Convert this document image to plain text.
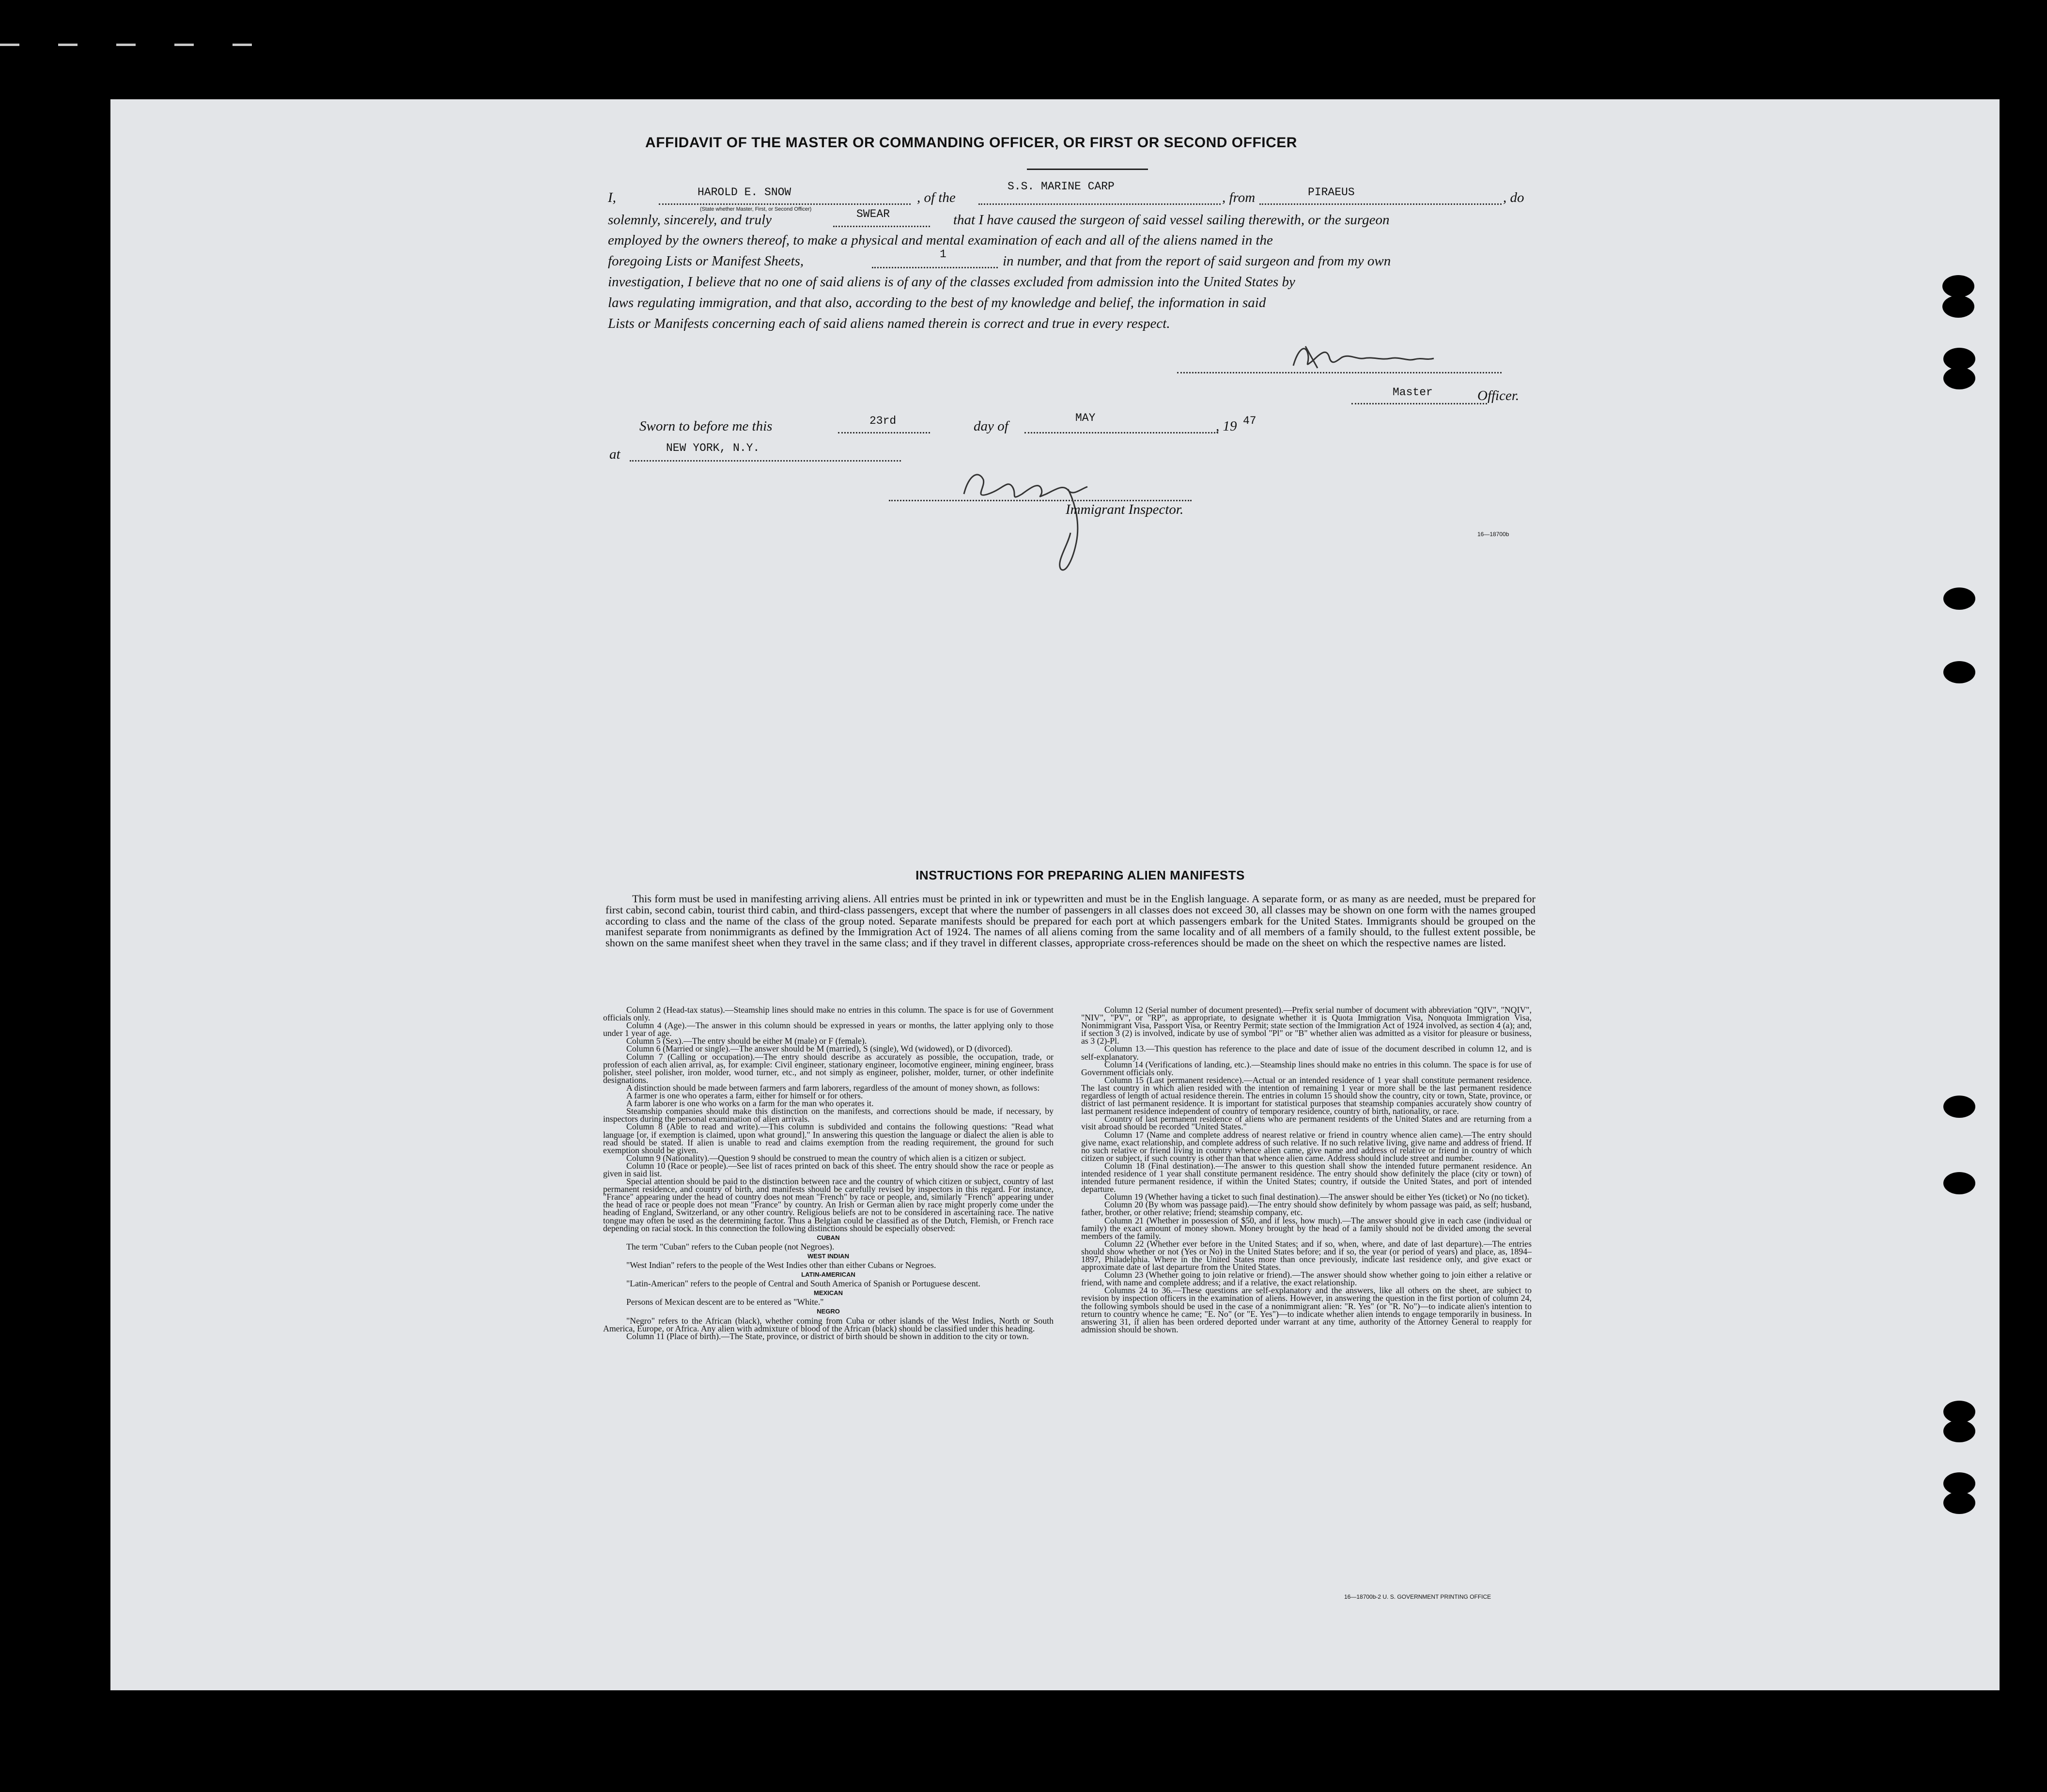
AFFIDAVIT OF THE MASTER OR COMMANDING OFFICER, OR FIRST OR SECOND OFFICER
I,	HAROLD E. SNOW	, of the
S.S. MARINE CARP
, from	PIRAEUS	, do
(State whether Master, First, or Second Officer)
solemnly, sincerely, and truly	SWEAR	that I have caused the surgeon of said vessel sailing therewith, or the surgeon
employed by the owners thereof, to make a physical and mental examination of each and all of the aliens named in the
foregoing Lists or Manifest Sheets,	1	in number, and that from the report of said surgeon and from my own
investigation, I believe that no one of said aliens is of any of the classes excluded from admission into the United States by
laws regulating immigration, and that also, according to the best of my knowledge and belief, the information in said
Lists or Manifests concerning each of said aliens named therein is correct and true in every respect.
Master	Officer.
Sworn to before me this	23rd	day of
MAY
, 19 47
at	NEW YORK, N.Y.
Immigrant Inspector.
16—18700b
INSTRUCTIONS FOR PREPARING ALIEN MANIFESTS
This form must be used in manifesting arriving aliens. All entries must be printed in ink or typewritten and must be in the English language. A separate form, or as many as are needed, must be prepared for first cabin, second cabin, tourist third cabin, and third-class passengers, except that where the number of passengers in all classes does not exceed 30, all classes may be shown on one form with the names grouped according to class and the name of the class of the group noted. Separate manifests should be prepared for each port at which passengers embark for the United States. Immigrants should be grouped on the manifest separate from nonimmigrants as defined by the Immigration Act of 1924. The names of all aliens coming from the same locality and of all members of a family should, to the fullest extent possible, be shown on the same manifest sheet when they travel in the same class; and if they travel in different classes, appropriate cross-references should be made on the sheet on which the respective names are listed.

Column 2 (Head-tax status).—Steamship lines should make no entries in this column. The space is for use of Government officials only.

Column 4 (Age).—The answer in this column should be expressed in years or months, the latter applying only to those under 1 year of age.

Column 5 (Sex).—The entry should be either M (male) or F (female).

Column 6 (Married or single).—The answer should be M (married), S (single), Wd (widowed), or D (divorced).

Column 7 (Calling or occupation).—The entry should describe as accurately as possible, the occupation, trade, or profession of each alien arrival, as, for example: Civil engineer, stationary engineer, locomotive engineer, mining engineer, brass polisher, steel polisher, iron molder, wood turner, etc., and not simply as engineer, polisher, molder, turner, or other indefinite designations.

A distinction should be made between farmers and farm laborers, regardless of the amount of money shown, as follows:

A farmer is one who operates a farm, either for himself or for others.

A farm laborer is one who works on a farm for the man who operates it.

Steamship companies should make this distinction on the manifests, and corrections should be made, if necessary, by inspectors during the personal examination of alien arrivals.

Column 8 (Able to read and write).—This column is subdivided and contains the following questions: "Read what language [or, if exemption is claimed, upon what ground]." In answering this question the language or dialect the alien is able to read should be stated. If alien is unable to read and claims exemption from the reading requirement, the ground for such exemption should be given.

Column 9 (Nationality).—Question 9 should be construed to mean the country of which alien is a citizen or subject.

Column 10 (Race or people).—See list of races printed on back of this sheet. The entry should show the race or people as given in said list.

Special attention should be paid to the distinction between race and the country of which citizen or subject, country of last permanent residence, and country of birth, and manifests should be carefully revised by inspectors in this regard. For instance, "France" appearing under the head of country does not mean "French" by race or people, and, similarly "French" appearing under the head of race or people does not mean "France" by country. An Irish or German alien by race might properly come under the heading of England, Switzerland, or any other country. Religious beliefs are not to be considered in ascertaining race. The native tongue may often be used as the determining factor. Thus a Belgian could be classified as of the Dutch, Flemish, or French race depending on racial stock. In this connection the following distinctions should be especially observed:

CUBAN

The term "Cuban" refers to the Cuban people (not Negroes).

WEST INDIAN

"West Indian" refers to the people of the West Indies other than either Cubans or Negroes.

LATIN-AMERICAN

"Latin-American" refers to the people of Central and South America of Spanish or Portuguese descent.

MEXICAN

Persons of Mexican descent are to be entered as "White."

NEGRO

"Negro" refers to the African (black), whether coming from Cuba or other islands of the West Indies, North or South America, Europe, or Africa. Any alien with admixture of blood of the African (black) should be classified under this heading.

Column 11 (Place of birth).—The State, province, or district of birth should be shown in addition to the city or town.

Column 12 (Serial number of document presented).—Prefix serial number of document with abbreviation "QIV", "NQIV", "NIV", "PV", or "RP", as appropriate, to designate whether it is Quota Immigration Visa, Nonquota Immigration Visa, Nonimmigrant Visa, Passport Visa, or Reentry Permit; state section of the Immigration Act of 1924 involved, as section 4 (a); and, if section 3 (2) is involved, indicate by use of symbol "Pl" or "B" whether alien was admitted as a visitor for pleasure or business, as 3 (2)-Pl.

Column 13.—This question has reference to the place and date of issue of the document described in column 12, and is self-explanatory.

Column 14 (Verifications of landing, etc.).—Steamship lines should make no entries in this column. The space is for use of Government officials only.

Column 15 (Last permanent residence).—Actual or an intended residence of 1 year shall constitute permanent residence. The last country in which alien resided with the intention of remaining 1 year or more shall be the last permanent residence regardless of length of actual residence therein. The entries in column 15 should show the country, city or town, State, province, or district of last permanent residence. It is important for statistical purposes that steamship companies accurately show country of last permanent residence independent of country of temporary residence, country of birth, nationality, or race.

Country of last permanent residence of aliens who are permanent residents of the United States and are returning from a visit abroad should be recorded "United States."

Column 17 (Name and complete address of nearest relative or friend in country whence alien came).—The entry should give name, exact relationship, and complete address of such relative. If no such relative living, give name and address of friend. If no such relative or friend living in country whence alien came, give name and address of relative or friend in country of which citizen or subject, if such country is other than that whence alien came. Address should include street and number.

Column 18 (Final destination).—The answer to this question shall show the intended future permanent residence. An intended residence of 1 year shall constitute permanent residence. The entry should show definitely the place (city or town) of intended future permanent residence, if within the United States; country, if outside the United States, and port of intended departure.

Column 19 (Whether having a ticket to such final destination).—The answer should be either Yes (ticket) or No (no ticket).

Column 20 (By whom was passage paid).—The entry should show definitely by whom passage was paid, as self; husband, father, brother, or other relative; friend; steamship company, etc.

Column 21 (Whether in possession of $50, and if less, how much).—The answer should give in each case (individual or family) the exact amount of money shown. Money brought by the head of a family should not be divided among the several members of the family.

Column 22 (Whether ever before in the United States; and if so, when, where, and date of last departure).—The entries should show whether or not (Yes or No) in the United States before; and if so, the year (or period of years) and place, as, 1894–1897, Philadelphia. Where in the United States more than once previously, indicate last residence only, and give exact or approximate date of last departure from the United States.

Column 23 (Whether going to join relative or friend).—The answer should show whether going to join either a relative or friend, with name and complete address; and if a relative, the exact relationship.

Columns 24 to 36.—These questions are self-explanatory and the answers, like all others on the sheet, are subject to revision by inspection officers in the examination of aliens. However, in answering the question in the first portion of column 24, the following symbols should be used in the case of a nonimmigrant alien: "R. Yes" (or "R. No")—to indicate alien's intention to return to country whence he came; "E. No" (or "E. Yes")—to indicate whether alien intends to engage temporarily in business. In answering 31, if alien has been ordered deported under warrant at any time, authority of the Attorney General to reapply for admission should be shown.

16—18700b-2 U. S. GOVERNMENT PRINTING OFFICE
